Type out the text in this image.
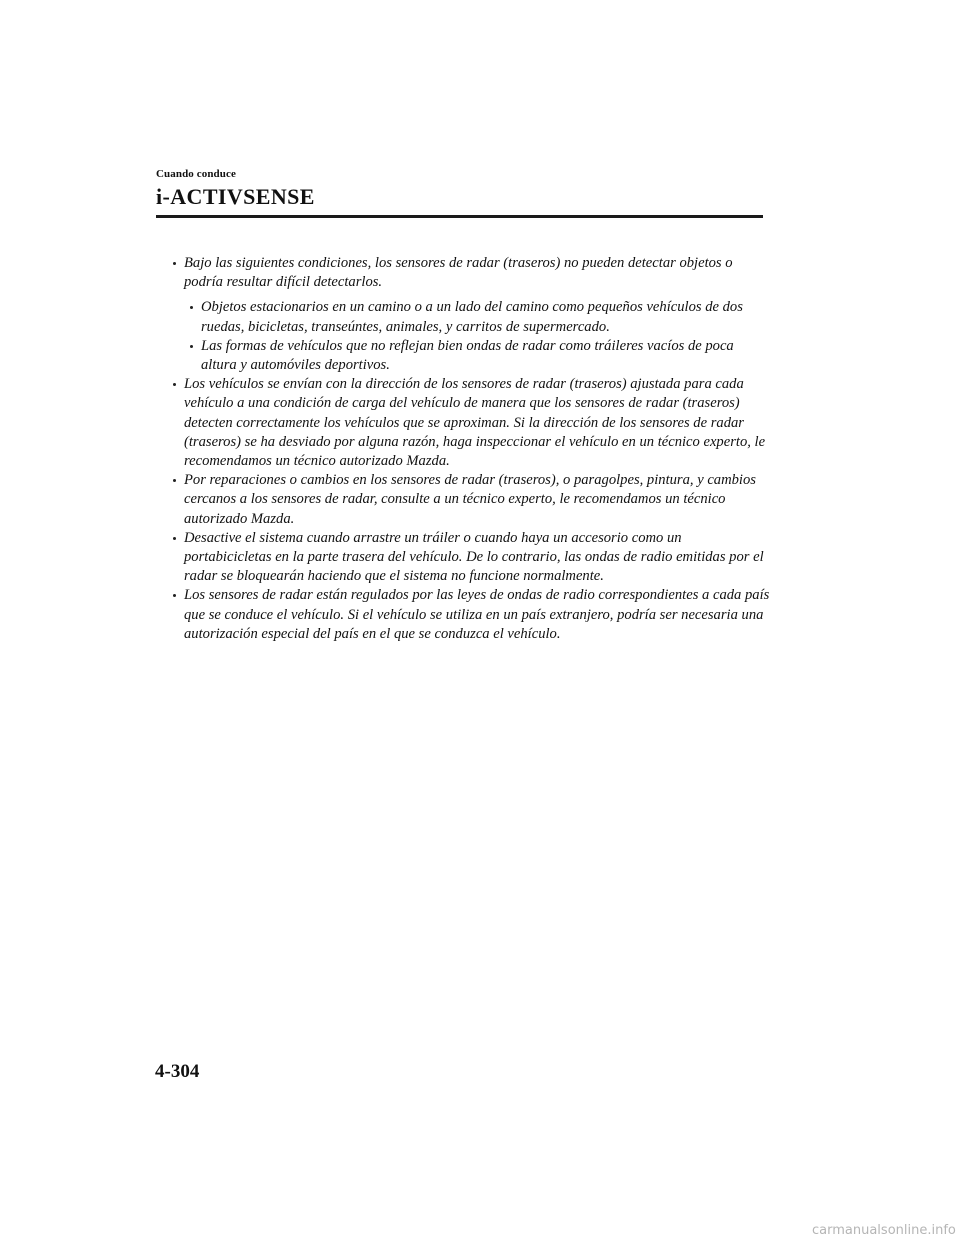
Cuando conduce
i-ACTIVSENSE

Bajo las siguientes condiciones, los sensores de radar (traseros) no pueden detectar objetos o podría resultar difícil detectarlos.

Objetos estacionarios en un camino o a un lado del camino como pequeños vehículos de dos ruedas, bicicletas, transeúntes, animales, y carritos de supermercado.

Las formas de vehículos que no reflejan bien ondas de radar como tráileres vacíos de poca altura y automóviles deportivos.

Los vehículos se envían con la dirección de los sensores de radar (traseros) ajustada para cada vehículo a una condición de carga del vehículo de manera que los sensores de radar (traseros) detecten correctamente los vehículos que se aproximan. Si la dirección de los sensores de radar (traseros) se ha desviado por alguna razón, haga inspeccionar el vehículo en un técnico experto, le recomendamos un técnico autorizado Mazda.

Por reparaciones o cambios en los sensores de radar (traseros), o paragolpes, pintura, y cambios cercanos a los sensores de radar, consulte a un técnico experto, le recomendamos un técnico autorizado Mazda.

Desactive el sistema cuando arrastre un tráiler o cuando haya un accesorio como un portabicicletas en la parte trasera del vehículo. De lo contrario, las ondas de radio emitidas por el radar se bloquearán haciendo que el sistema no funcione normalmente.

Los sensores de radar están regulados por las leyes de ondas de radio correspondientes a cada país que se conduce el vehículo. Si el vehículo se utiliza en un país extranjero, podría ser necesaria una autorización especial del país en el que se conduzca el vehículo.

4-304
carmanualsonline.info
